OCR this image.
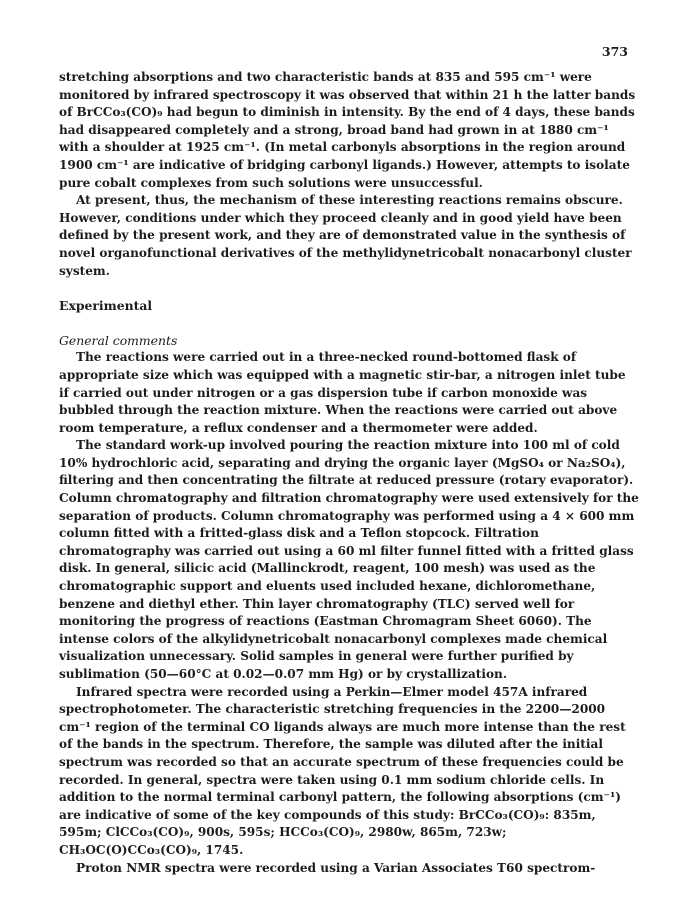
373

stretching absorptions and two characteristic bands at 835 and 595 cm⁻¹ were monitored by infrared spectroscopy it was observed that within 21 h the latter bands of BrCCo₃(CO)₉ had begun to diminish in intensity. By the end of 4 days, these bands had disappeared completely and a strong, broad band had grown in at 1880 cm⁻¹ with a shoulder at 1925 cm⁻¹. (In metal carbonyls absorptions in the region around 1900 cm⁻¹ are indicative of bridging carbonyl ligands.) However, attempts to isolate pure cobalt complexes from such solutions were unsuccessful.

At present, thus, the mechanism of these interesting reactions remains obscure. However, conditions under which they proceed cleanly and in good yield have been defined by the present work, and they are of demonstrated value in the synthesis of novel organofunctional derivatives of the methylidynetricobalt nonacarbonyl cluster system.

Experimental
General comments

The reactions were carried out in a three-necked round-bottomed flask of appropriate size which was equipped with a magnetic stir-bar, a nitrogen inlet tube if carried out under nitrogen or a gas dispersion tube if carbon monoxide was bubbled through the reaction mixture. When the reactions were carried out above room temperature, a reflux condenser and a thermometer were added.

The standard work-up involved pouring the reaction mixture into 100 ml of cold 10% hydrochloric acid, separating and drying the organic layer (MgSO₄ or Na₂SO₄), filtering and then concentrating the filtrate at reduced pressure (rotary evaporator). Column chromatography and filtration chromatography were used extensively for the separation of products. Column chromatography was performed using a 4 × 600 mm column fitted with a fritted-glass disk and a Teflon stopcock. Filtration chromatography was carried out using a 60 ml filter funnel fitted with a fritted glass disk. In general, silicic acid (Mallinckrodt, reagent, 100 mesh) was used as the chromatographic support and eluents used included hexane, dichloromethane, benzene and diethyl ether. Thin layer chromatography (TLC) served well for monitoring the progress of reactions (Eastman Chromagram Sheet 6060). The intense colors of the alkylidynetricobalt nonacarbonyl complexes made chemical visualization unnecessary. Solid samples in general were further purified by sublimation (50—60°C at 0.02—0.07 mm Hg) or by crystallization.

Infrared spectra were recorded using a Perkin—Elmer model 457A infrared spectrophotometer. The characteristic stretching frequencies in the 2200—2000 cm⁻¹ region of the terminal CO ligands always are much more intense than the rest of the bands in the spectrum. Therefore, the sample was diluted after the initial spectrum was recorded so that an accurate spectrum of these frequencies could be recorded. In general, spectra were taken using 0.1 mm sodium chloride cells. In addition to the normal terminal carbonyl pattern, the following absorptions (cm⁻¹) are indicative of some of the key compounds of this study: BrCCo₃(CO)₉: 835m, 595m; ClCCo₃(CO)₉, 900s, 595s; HCCo₃(CO)₉, 2980w, 865m, 723w; CH₃OC(O)CCo₃(CO)₉, 1745.

Proton NMR spectra were recorded using a Varian Associates T60 spectrom-
